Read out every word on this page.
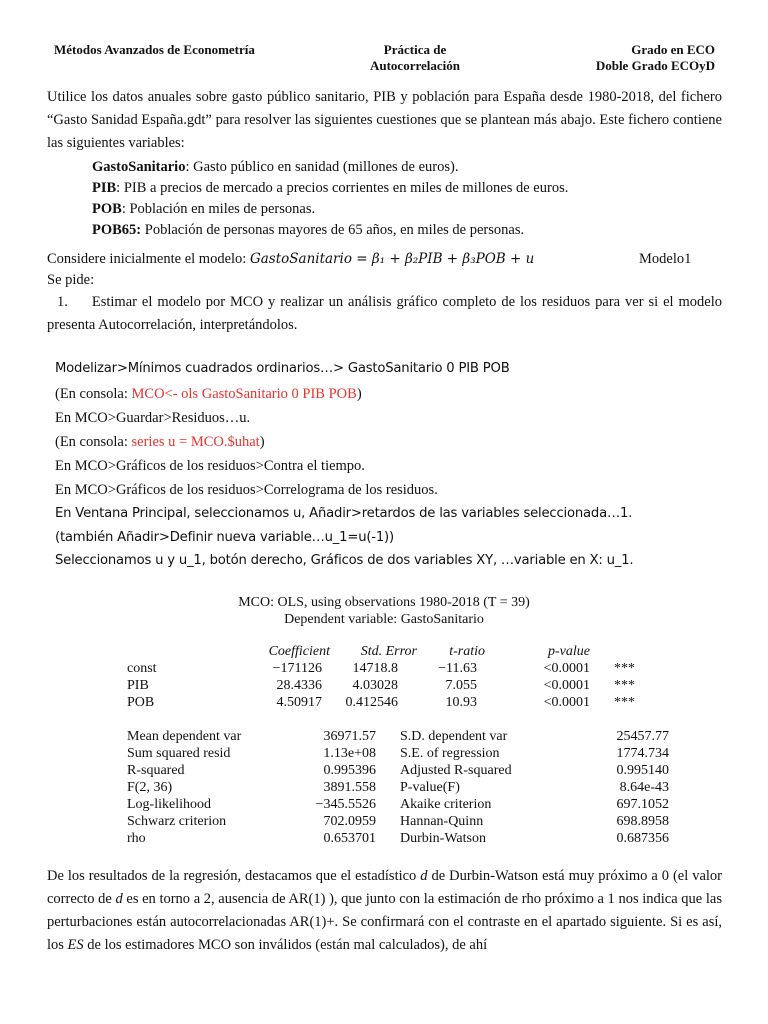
Métodos Avanzados de Econometría	Práctica de
Autocorrelación
Grado en ECO
Doble Grado ECOyD
Utilice los datos anuales sobre gasto público sanitario, PIB y población para España desde 1980-2018, del fichero “Gasto Sanidad España.gdt” para resolver las siguientes cuestiones que se plantean más abajo. Este fichero contiene las siguientes variables:
GastoSanitario: Gasto público en sanidad (millones de euros).
PIB: PIB a precios de mercado a precios corrientes en miles de millones de euros.
POB: Población en miles de personas.
POB65: Población de personas mayores de 65 años, en miles de personas.
Considere inicialmente el modelo: GastoSanitario = β₁ + β₂PIB + β₃POB + u	Modelo1
Se pide:
1. Estimar el modelo por MCO y realizar un análisis gráfico completo de los residuos para ver si el modelo presenta Autocorrelación, interpretándolos.
Modelizar>Mínimos cuadrados ordinarios…> GastoSanitario 0 PIB POB
(En consola: MCO<- ols GastoSanitario 0 PIB POB)
En MCO>Guardar>Residuos…u.
(En consola: series u = MCO.$uhat)
En MCO>Gráficos de los residuos>Contra el tiempo.
En MCO>Gráficos de los residuos>Correlograma de los residuos.
En Ventana Principal, seleccionamos u, Añadir>retardos de las variables seleccionada…1.
(también Añadir>Definir nueva variable…u_1=u(-1))
Seleccionamos u y u_1, botón derecho, Gráficos de dos variables XY, …variable en X: u_1.
MCO: OLS, using observations 1980-2018 (T = 39)
Dependent variable: GastoSanitario
Coefficient	Std. Error	t-ratio	p-value
const	−171126	14718.8	−11.63	<0.0001 ***
PIB	28.4336	4.03028	7.055	<0.0001 ***
POB	4.50917	0.412546	10.93	<0.0001 ***
Mean dependent var	36971.57 S.D. dependent var	25457.77
Sum squared resid	1.13e+08 S.E. of regression	1774.734
R-squared	0.995396 Adjusted R-squared	0.995140
F(2, 36)	3891.558 P-value(F)	8.64e-43
Log-likelihood	−345.5526 Akaike criterion	697.1052
Schwarz criterion	702.0959 Hannan-Quinn	698.8958
rho	0.653701 Durbin-Watson	0.687356
De los resultados de la regresión, destacamos que el estadístico d de Durbin-Watson está muy próximo a 0 (el valor correcto de d es en torno a 2, ausencia de AR(1) ), que junto con la estimación de rho próximo a 1 nos indica que las perturbaciones están autocorrelacionadas AR(1)+. Se confirmará con el contraste en el apartado siguiente. Si es así, los ES de los estimadores MCO son inválidos (están mal calculados), de ahí
